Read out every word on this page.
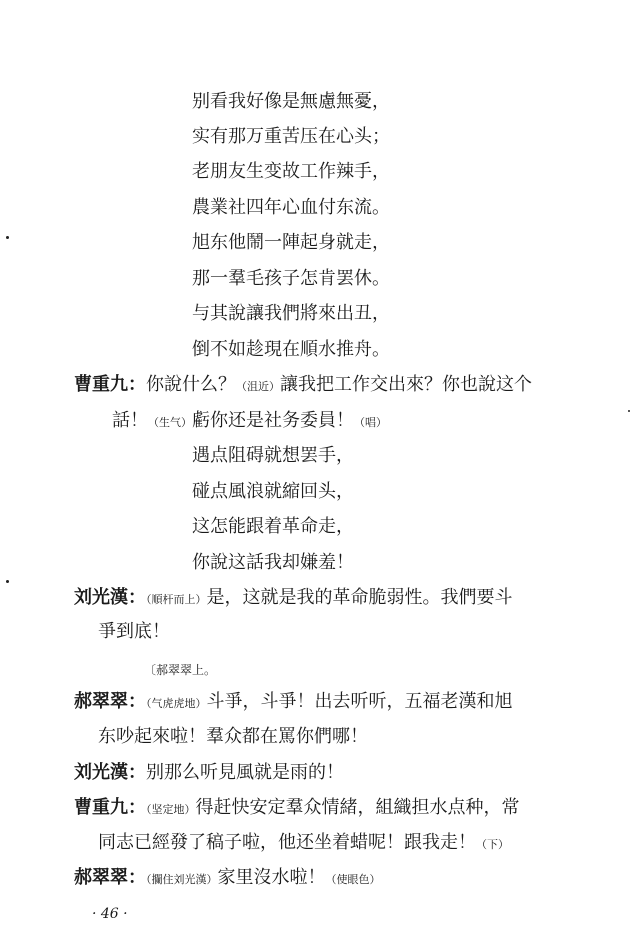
别看我好像是無慮無憂，
实有那万重苦压在心头；
老朋友生变故工作辣手，
農業社四年心血付东流。
旭东他鬧一陣起身就走，
那一羣毛孩子怎肯罢休。
与其說讓我們將來出丑，
倒不如趁現在順水推舟。
曹重九：你說什么？（沮近）讓我把工作交出來？你也說这个
話！（生气）虧你还是社务委員！（唱）
遇点阻碍就想罢手，
碰点風浪就縮回头，
这怎能跟着革命走，
你說这話我却嫌羞！
刘光漢：（順杆而上）是，这就是我的革命脆弱性。我們要斗
爭到底！
〔郝翠翠上。
郝翠翠：（气虎虎地）斗爭，斗爭！出去听听，五福老漢和旭
东吵起來啦！羣众都在罵你們哪！
刘光漢：别那么听見風就是雨的！
曹重九：（坚定地）得赶快安定羣众情緒，組織担水点种，常
同志已經發了稿子啦，他还坐着蜡呢！跟我走！（下）
郝翠翠：（攔住刘光漢）家里沒水啦！（使眼色）
· 46 ·
